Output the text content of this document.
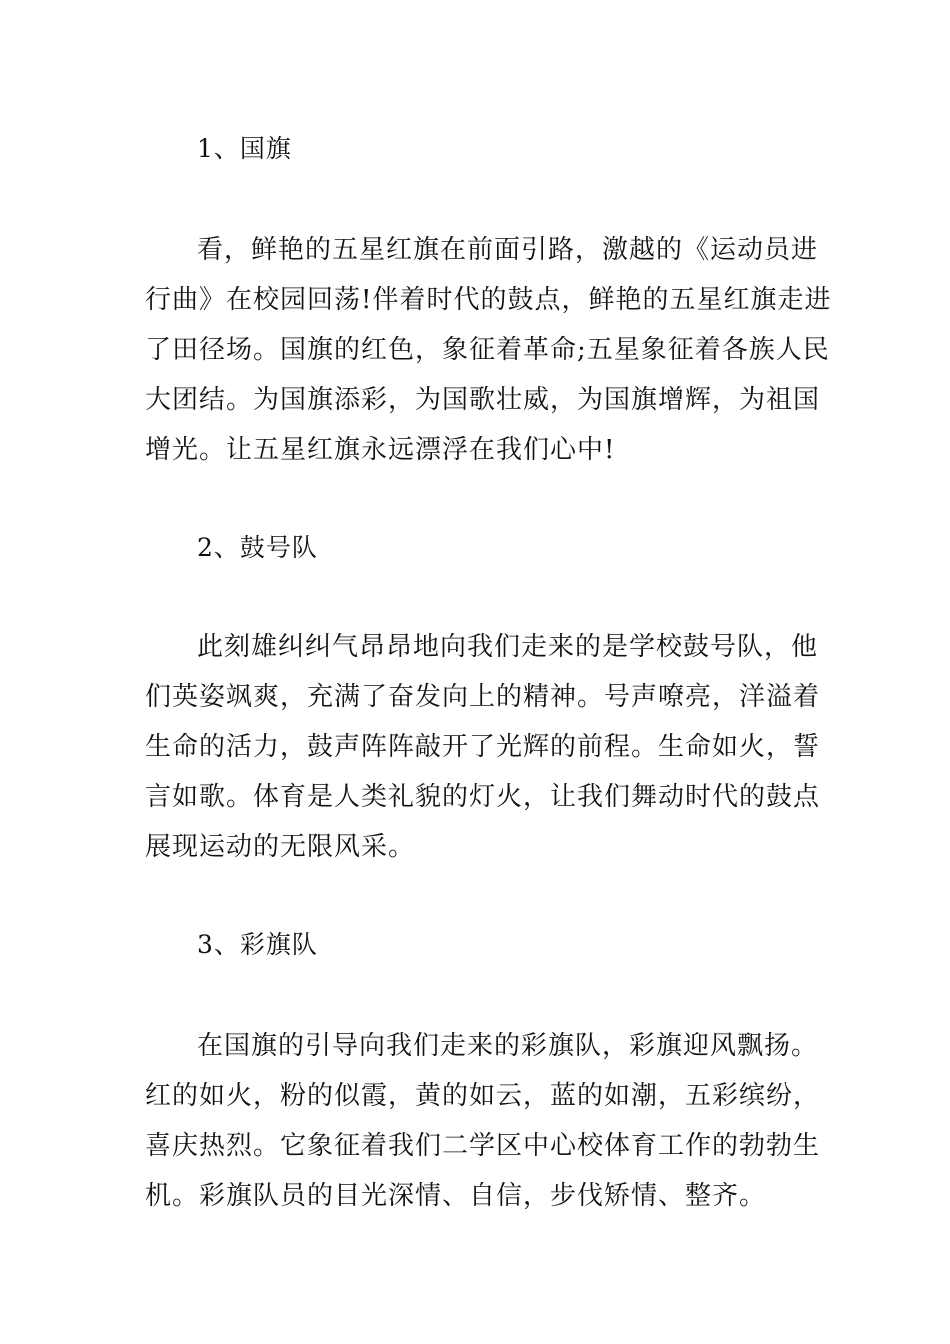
1、国旗
看，鲜艳的五星红旗在前面引路，激越的《运动员进
行曲》在校园回荡!伴着时代的鼓点，鲜艳的五星红旗走进
了田径场。国旗的红色，象征着革命;五星象征着各族人民
大团结。为国旗添彩，为国歌壮威，为国旗增辉，为祖国
增光。让五星红旗永远漂浮在我们心中!
2、鼓号队
此刻雄纠纠气昂昂地向我们走来的是学校鼓号队，他
们英姿飒爽，充满了奋发向上的精神。号声嘹亮，洋溢着
生命的活力，鼓声阵阵敲开了光辉的前程。生命如火，誓
言如歌。体育是人类礼貌的灯火，让我们舞动时代的鼓点
展现运动的无限风采。
3、彩旗队
在国旗的引导向我们走来的彩旗队，彩旗迎风飘扬。
红的如火，粉的似霞，黄的如云，蓝的如潮，五彩缤纷，
喜庆热烈。它象征着我们二学区中心校体育工作的勃勃生
机。彩旗队员的目光深情、自信，步伐矫情、整齐。
